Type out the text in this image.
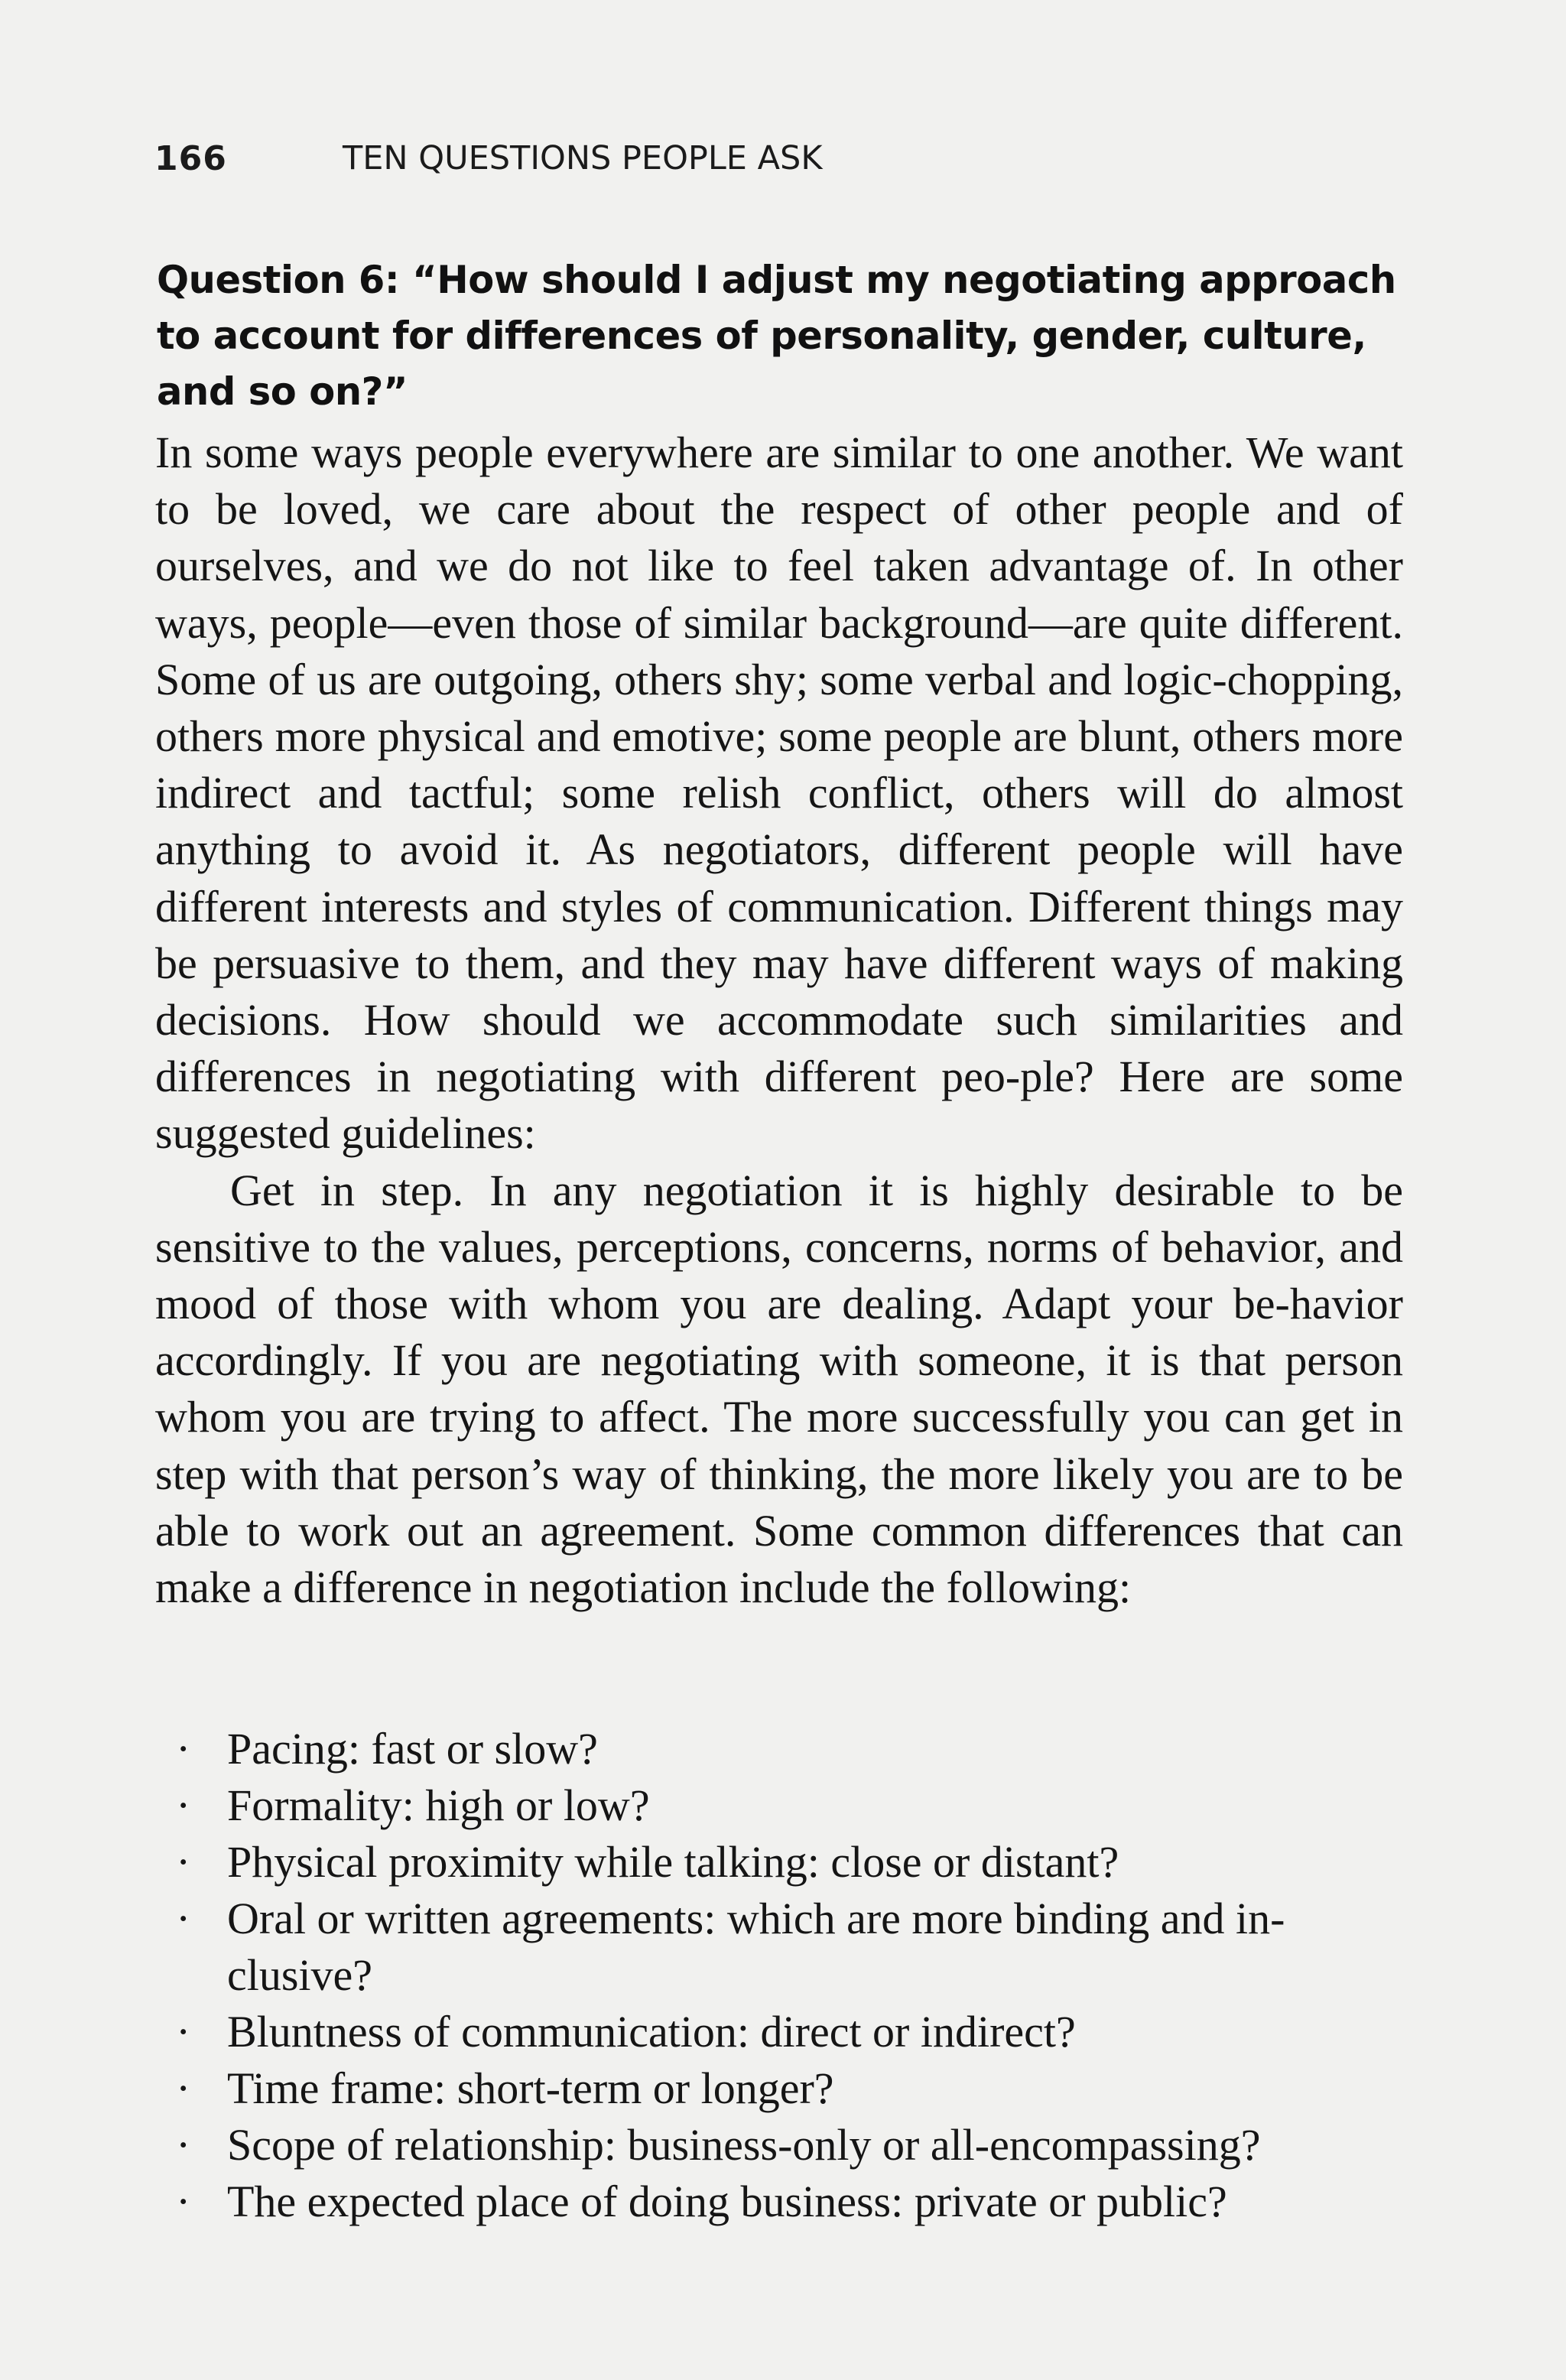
166	TEN QUESTIONS PEOPLE ASK
Question 6: “How should I adjust my negotiating approach to account for differences of personality, gender, culture, and so on?”

In some ways people everywhere are similar to one another. We want to be loved, we care about the respect of other people and of ourselves, and we do not like to feel taken advantage of. In other ways, people—even those of similar background—are quite different. Some of us are outgoing, others shy; some verbal and logic-chopping, others more physical and emotive; some people are blunt, others more indirect and tactful; some relish conflict, others will do almost anything to avoid it. As negotiators, different people will have different interests and styles of communication. Different things may be persuasive to them, and they may have different ways of making decisions. How should we accommodate such similarities and differences in negotiating with different peo-ple? Here are some suggested guidelines:

Get in step. In any negotiation it is highly desirable to be sensitive to the values, perceptions, concerns, norms of behavior, and mood of those with whom you are dealing. Adapt your be-havior accordingly. If you are negotiating with someone, it is that person whom you are trying to affect. The more successfully you can get in step with that person’s way of thinking, the more likely you are to be able to work out an agreement. Some common differences that can make a difference in negotiation include the following:

· Pacing: fast or slow?
· Formality: high or low?
· Physical proximity while talking: close or distant?
· Oral or written agreements: which are more binding and in-clusive?
· Bluntness of communication: direct or indirect?
· Time frame: short-term or longer?
· Scope of relationship: business-only or all-encompassing?
· The expected place of doing business: private or public?
